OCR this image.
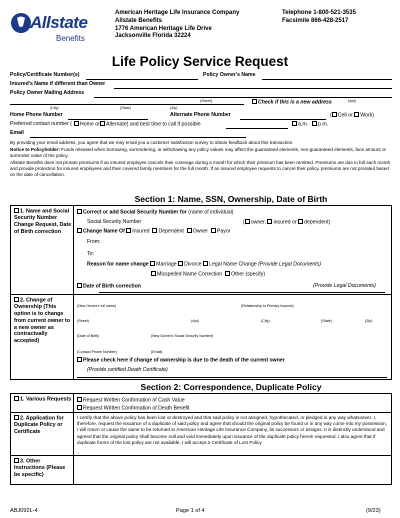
Allstate
Benefits
American Heritage Life Insurance Company
Allstate Benefits
1776 American Heritage Life Drive
Jacksonville Florida 32224
Telephone 1-800-521-3535
Facsimile 866-428-2517
Life Policy Service Request
Policy/Certificate Number(s)	Policy Owner's Name
Insured's Name if different than Owner
Policy Owner Mailing Address
(Street)	(Apt)
Check if this is a new address
(City)	(State)	(Zip)
Home Phone Number	Alternate Phone Number	( Cell or Work)
Preferred contact number (	Home or	Alternate) and best time to call if possible	a.m.	p.m.
Email
By providing your email address, you agree that we may email you a customer satisfaction survey to obtain feedback about this transaction.
Notice to Policyholder: Funds released when borrowing, surrendering, or withdrawing any policy values may affect the guaranteed elements, non-guaranteed elements, face amount or surrender value of the policy.
Allstate Benefits does not prorate premiums if an insured employee cancels their coverage during a month for which their premium has been remitted. Premiums are due in full each month and provide protection for insured employees and their covered family members for the full month. If an insured employee requests to cancel their policy, premiums are not prorated based on the date of cancellation.
Section 1: Name, SSN, Ownership, Date of Birth
1. Name and Social Security Number Change Request, Date of Birth correction
Correct or add Social Security Number for (name of individual)
Social Security Number	( owner, insured or dependent)
Change Name Of Insured Dependent Owner Payor
From:
To:
Reason for name change Marriage Divorce Legal Name Change (Provide Legal Documents)
Misspelled Name Correction Other (specify)
Date of Birth correction	(Provide Legal Documents)
2. Change of Ownership (This option is to change from current owner to a new owner as contractually accepted)
(New Owner's full name)	(Relationship to Primary Insured)
(Street)	(Apt)	(City)	(State)	(Zip)
(Date of Birth)	(New Owner's Social Security Number)
(Contact Phone Number)	(Email)
Please check here if change of ownership is due to the death of the current owner
(Provide certified Death Certificate)
Section 2: Correspondence, Duplicate Policy
1. Various Requests	Request Written Confirmation of Cash Value
Request Written Confirmation of Death Benefit
2. Application for Duplicate Policy or Certificate
I certify that the above policy has been lost or destroyed and that said policy is not assigned, hypothecated, or pledged in any way whatsoever. I, therefore, request the issuance of a duplicate of said policy and agree that should the original policy be found or in any way come into my possession, I will return or cause the same to be returned to American Heritage Life Insurance Company, its successors or assigns. It is distinctly understood and agreed that the original policy shall become null and void immediately upon issuance of the duplicate policy herein requested. I also agree that if duplicate forms of the lost policy are not available, I will accept a Certificate of Lost Policy.
3. Other Instructions (Please be specific)
ABJ092L-4	Page 1 of 4	(9/23)
